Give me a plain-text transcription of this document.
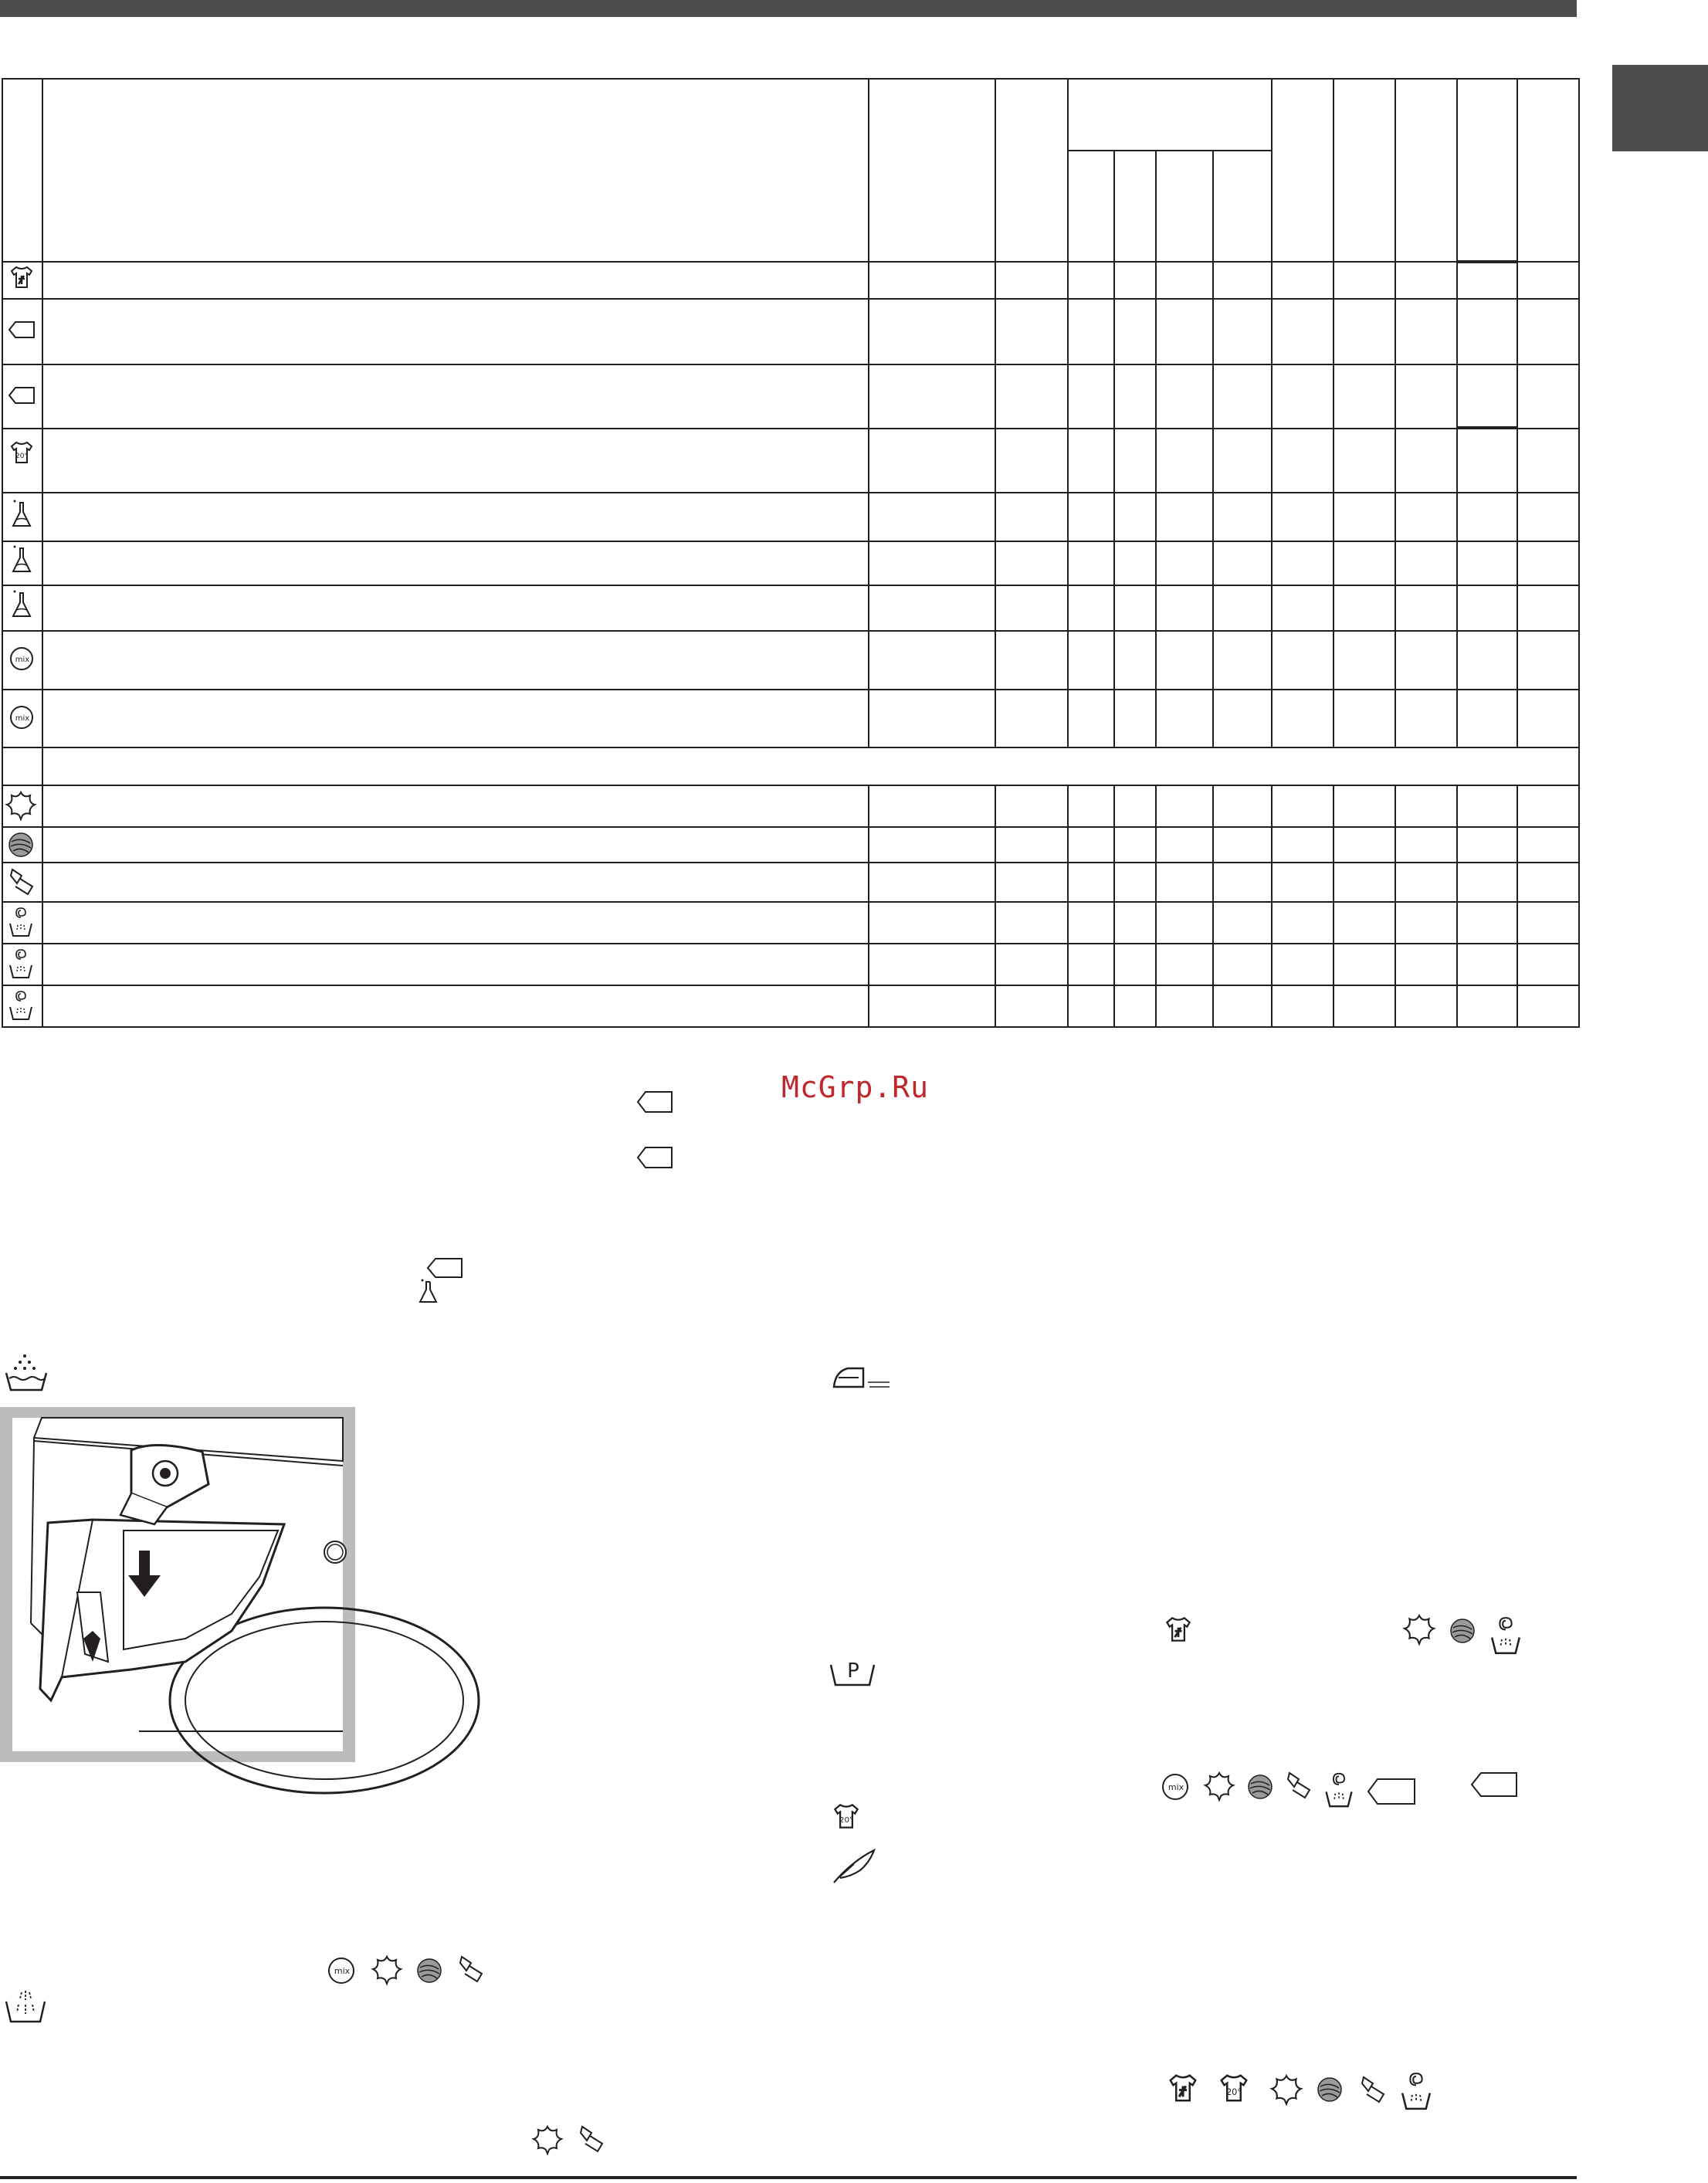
20°
mix
mix
McGrp.Ru
mix
P
mix
20°
20°
